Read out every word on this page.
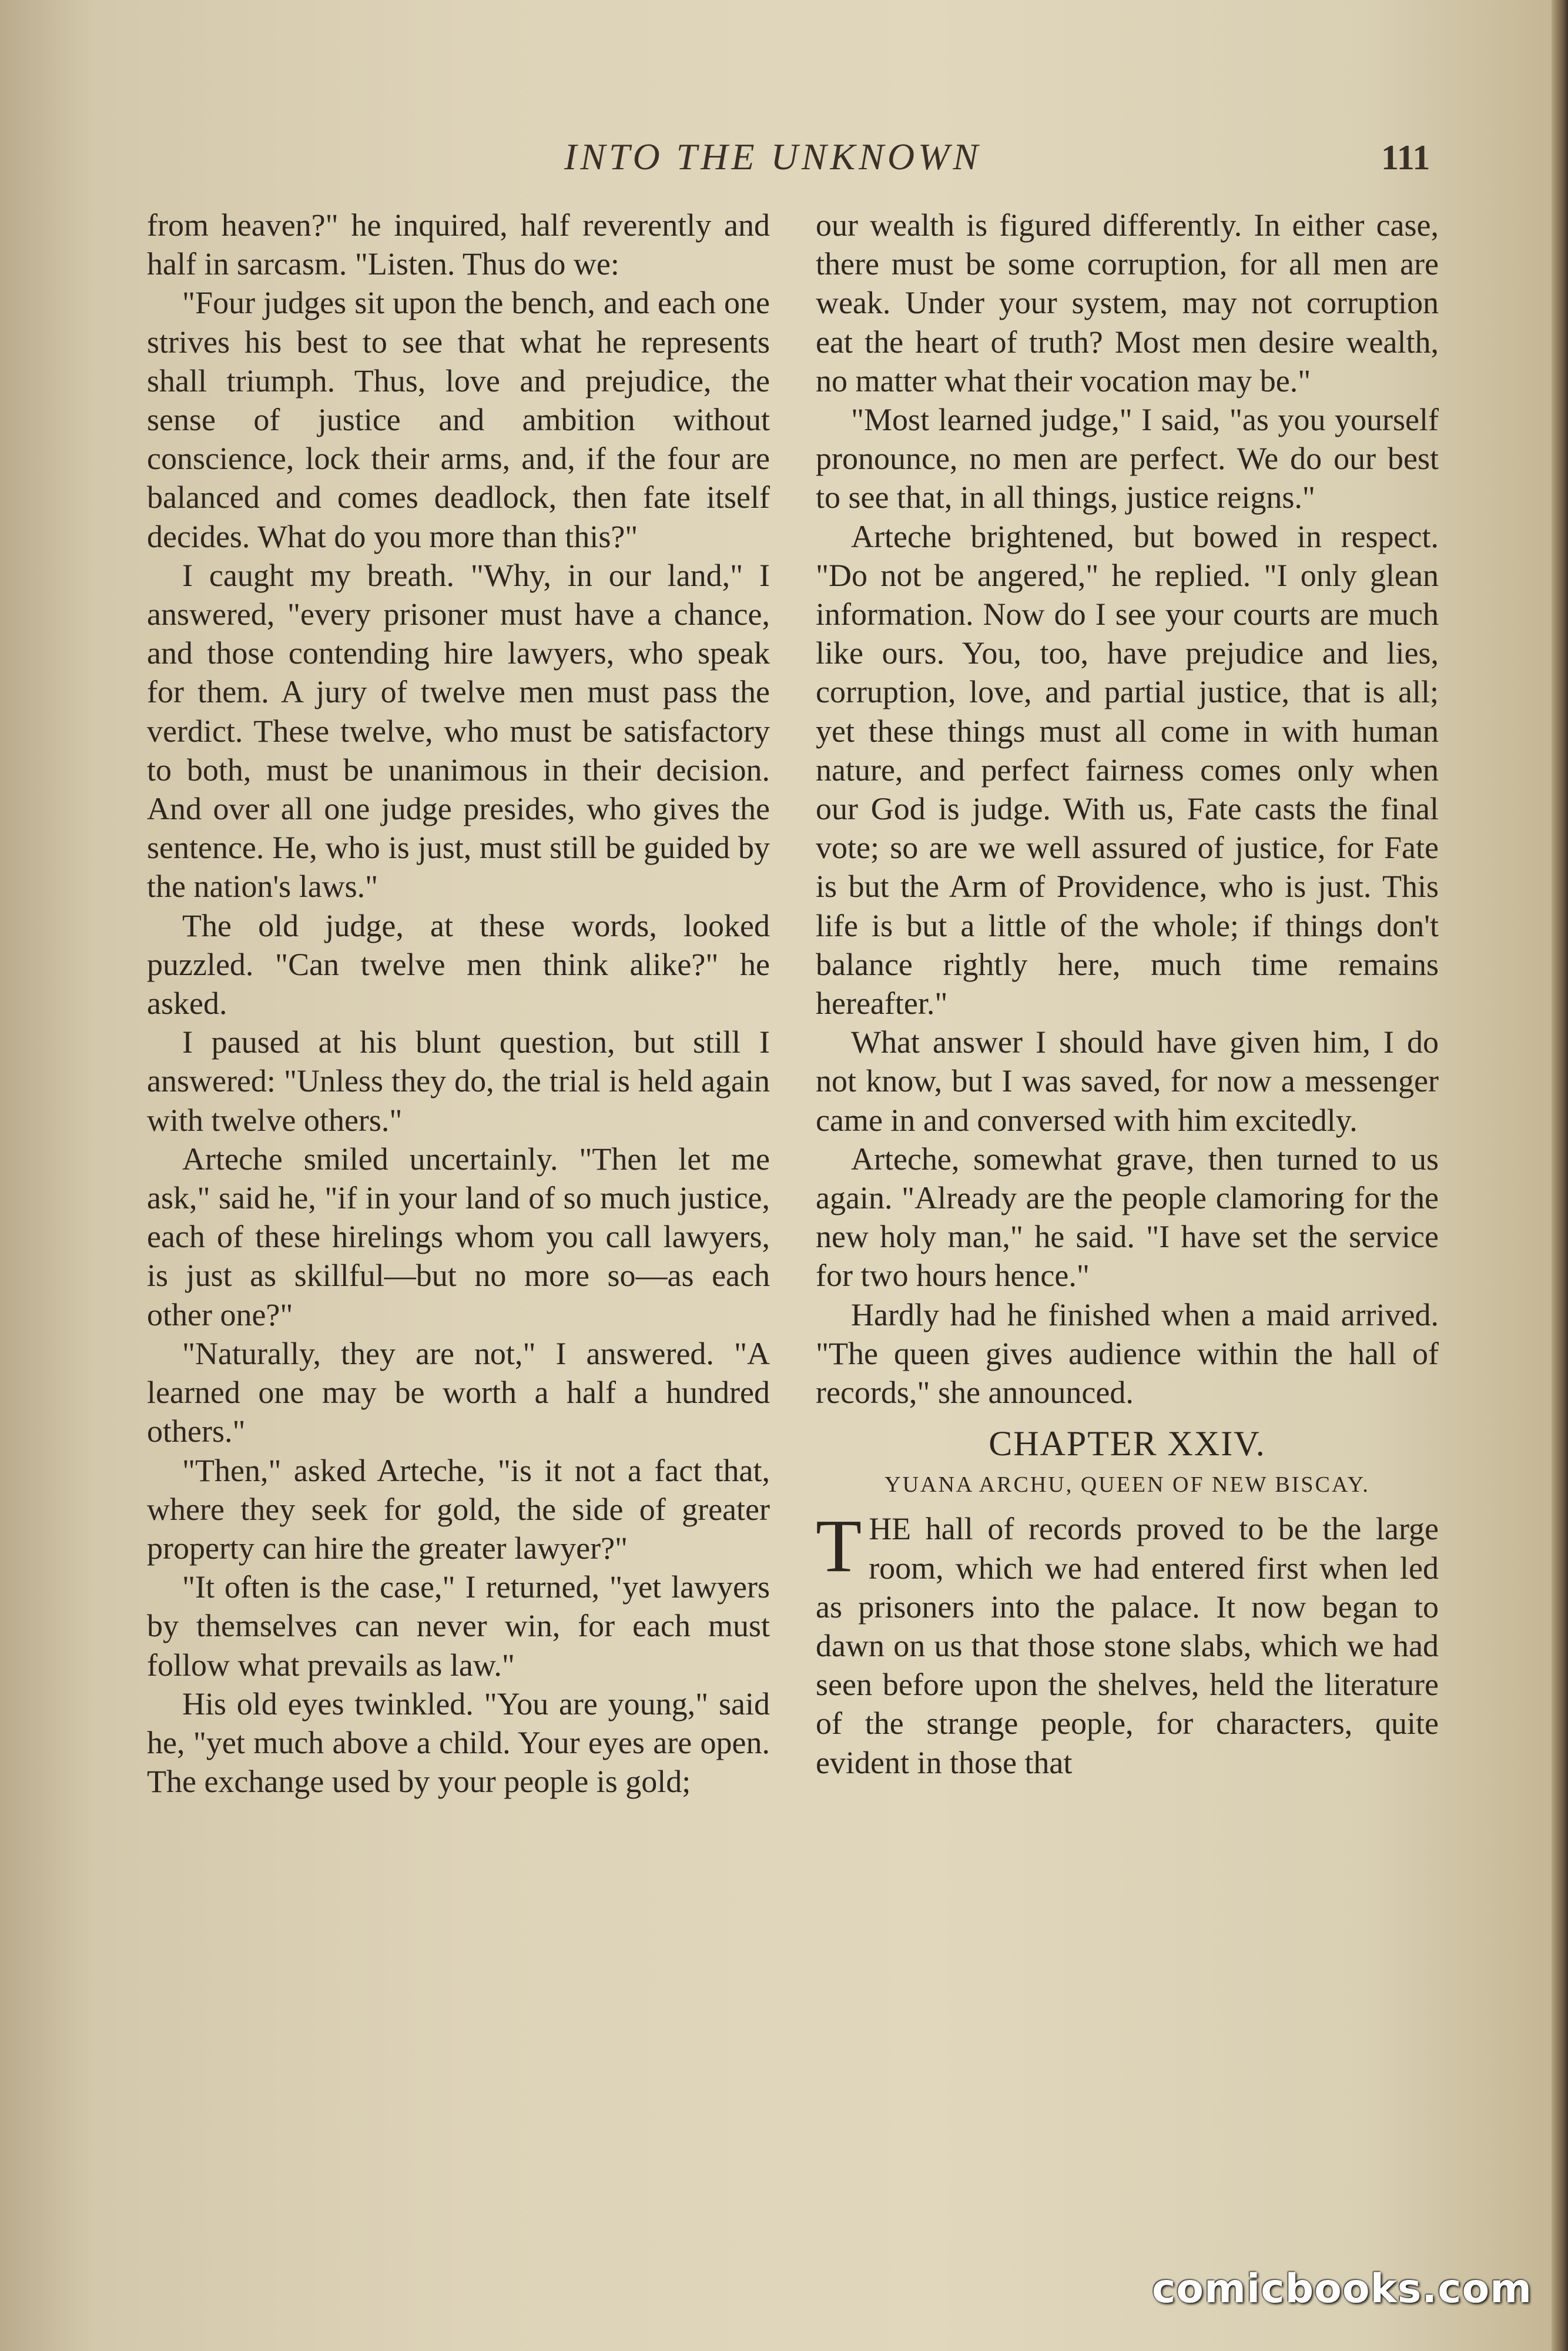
INTO THE UNKNOWN	111

from heaven?" he inquired, half reverently and half in sarcasm. "Listen. Thus do we:

"Four judges sit upon the bench, and each one strives his best to see that what he represents shall triumph. Thus, love and prejudice, the sense of justice and ambition without conscience, lock their arms, and, if the four are balanced and comes deadlock, then fate itself decides. What do you more than this?"

I caught my breath. "Why, in our land," I answered, "every prisoner must have a chance, and those contending hire lawyers, who speak for them. A jury of twelve men must pass the verdict. These twelve, who must be satisfactory to both, must be unanimous in their decision. And over all one judge presides, who gives the sentence. He, who is just, must still be guided by the nation's laws."

The old judge, at these words, looked puzzled. "Can twelve men think alike?" he asked.

I paused at his blunt question, but still I answered: "Unless they do, the trial is held again with twelve others."

Arteche smiled uncertainly. "Then let me ask," said he, "if in your land of so much justice, each of these hirelings whom you call lawyers, is just as skillful—but no more so—as each other one?"

"Naturally, they are not," I answered. "A learned one may be worth a half a hundred others."

"Then," asked Arteche, "is it not a fact that, where they seek for gold, the side of greater property can hire the greater lawyer?"

"It often is the case," I returned, "yet lawyers by themselves can never win, for each must follow what prevails as law."

His old eyes twinkled. "You are young," said he, "yet much above a child. Your eyes are open. The exchange used by your people is gold;

our wealth is figured differently. In either case, there must be some corruption, for all men are weak. Under your system, may not corruption eat the heart of truth? Most men desire wealth, no matter what their vocation may be."

"Most learned judge," I said, "as you yourself pronounce, no men are perfect. We do our best to see that, in all things, justice reigns."

Arteche brightened, but bowed in respect. "Do not be angered," he replied. "I only glean information. Now do I see your courts are much like ours. You, too, have prejudice and lies, corruption, love, and partial justice, that is all; yet these things must all come in with human nature, and perfect fairness comes only when our God is judge. With us, Fate casts the final vote; so are we well assured of justice, for Fate is but the Arm of Providence, who is just. This life is but a little of the whole; if things don't balance rightly here, much time remains hereafter."

What answer I should have given him, I do not know, but I was saved, for now a messenger came in and conversed with him excitedly.

Arteche, somewhat grave, then turned to us again. "Already are the people clamoring for the new holy man," he said. "I have set the service for two hours hence."

Hardly had he finished when a maid arrived. "The queen gives audience within the hall of records," she announced.

CHAPTER XXIV.
YUANA ARCHU, QUEEN OF NEW BISCAY.

THE hall of records proved to be the large room, which we had entered first when led as prisoners into the palace. It now began to dawn on us that those stone slabs, which we had seen before upon the shelves, held the literature of the strange people, for characters, quite evident in those that

comicbooks.com
